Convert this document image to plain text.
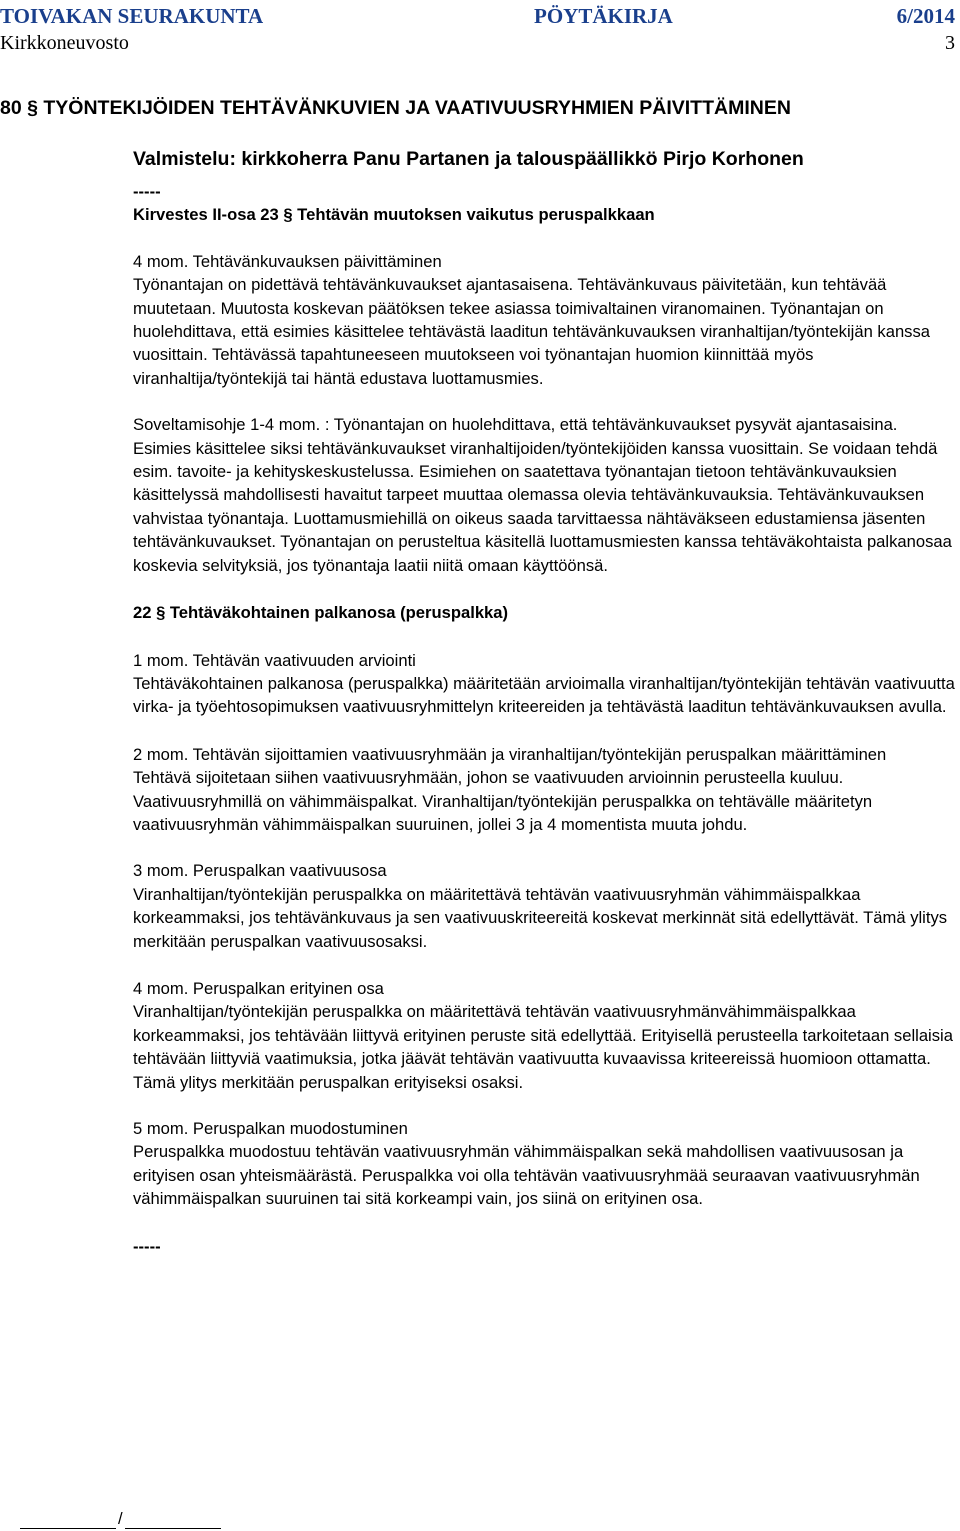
TOIVAKAN SEURAKUNTA	PÖYTÄKIRJA	6/2014
Kirkkoneuvosto	3
80 § TYÖNTEKIJÖIDEN TEHTÄVÄNKUVIEN JA VAATIVUUSRYHMIEN PÄIVITTÄMINEN
Valmistelu: kirkkoherra Panu Partanen ja talouspäällikkö Pirjo Korhonen

-----

Kirvestes II-osa 23 § Tehtävän muutoksen vaikutus peruspalkkaan

4 mom. Tehtävänkuvauksen päivittäminen

Työnantajan on pidettävä tehtävänkuvaukset ajantasaisena. Tehtävänkuvaus päivitetään, kun tehtävää muutetaan. Muutosta koskevan päätöksen tekee asiassa toimivaltainen viranomainen. Työnantajan on huolehdittava, että esimies käsittelee tehtävästä laaditun tehtävänkuvauksen viranhaltijan/työntekijän kanssa vuosittain. Tehtävässä tapahtuneeseen muutokseen voi työnantajan huomion kiinnittää myös viranhaltija/työntekijä tai häntä edustava luottamusmies.

Soveltamisohje 1-4 mom. : Työnantajan on huolehdittava, että tehtävänkuvaukset pysyvät ajantasaisina. Esimies käsittelee siksi tehtävänkuvaukset viranhaltijoiden/työntekijöiden kanssa vuosittain. Se voidaan tehdä esim. tavoite- ja kehityskeskustelussa. Esimiehen on saatettava työnantajan tietoon tehtävänkuvauksien käsittelyssä mahdollisesti havaitut tarpeet muuttaa olemassa olevia tehtävänkuvauksia. Tehtävänkuvauksen vahvistaa työnantaja. Luottamusmiehillä on oikeus saada tarvittaessa nähtäväkseen edustamiensa jäsenten tehtävänkuvaukset. Työnantajan on perusteltua käsitellä luottamusmiesten kanssa tehtäväkohtaista palkanosaa koskevia selvityksiä, jos työnantaja laatii niitä omaan käyttöönsä.

22 § Tehtäväkohtainen palkanosa (peruspalkka)

1 mom. Tehtävän vaativuuden arviointi

Tehtäväkohtainen palkanosa (peruspalkka) määritetään arvioimalla viranhaltijan/työntekijän tehtävän vaativuutta virka- ja työehtosopimuksen vaativuusryhmittelyn kriteereiden ja tehtävästä laaditun tehtävänkuvauksen avulla.

2 mom. Tehtävän sijoittamien vaativuusryhmään ja viranhaltijan/työntekijän peruspalkan määrittäminen

Tehtävä sijoitetaan siihen vaativuusryhmään, johon se vaativuuden arvioinnin perusteella kuuluu. Vaativuusryhmillä on vähimmäispalkat. Viranhaltijan/työntekijän peruspalkka on tehtävälle määritetyn vaativuusryhmän vähimmäispalkan suuruinen, jollei 3 ja 4 momentista muuta johdu.

3 mom. Peruspalkan vaativuusosa

Viranhaltijan/työntekijän peruspalkka on määritettävä tehtävän vaativuusryhmän vähimmäispalkkaa korkeammaksi, jos tehtävänkuvaus ja sen vaativuuskriteereitä koskevat merkinnät sitä edellyttävät. Tämä ylitys merkitään peruspalkan vaativuusosaksi.

4 mom. Peruspalkan erityinen osa

Viranhaltijan/työntekijän peruspalkka on määritettävä tehtävän vaativuusryhmänvähimmäispalkkaa korkeammaksi, jos tehtävään liittyvä erityinen peruste sitä edellyttää. Erityisellä perusteella tarkoitetaan sellaisia tehtävään liittyviä vaatimuksia, jotka jäävät tehtävän vaativuutta kuvaavissa kriteereissä huomioon ottamatta. Tämä ylitys merkitään peruspalkan erityiseksi osaksi.

5 mom. Peruspalkan muodostuminen

Peruspalkka muodostuu tehtävän vaativuusryhmän vähimmäispalkan sekä mahdollisen vaativuusosan ja erityisen osan yhteismäärästä. Peruspalkka voi olla tehtävän vaativuusryhmää seuraavan vaativuusryhmän vähimmäispalkan suuruinen tai sitä korkeampi vain, jos siinä on erityinen osa.

-----

/
